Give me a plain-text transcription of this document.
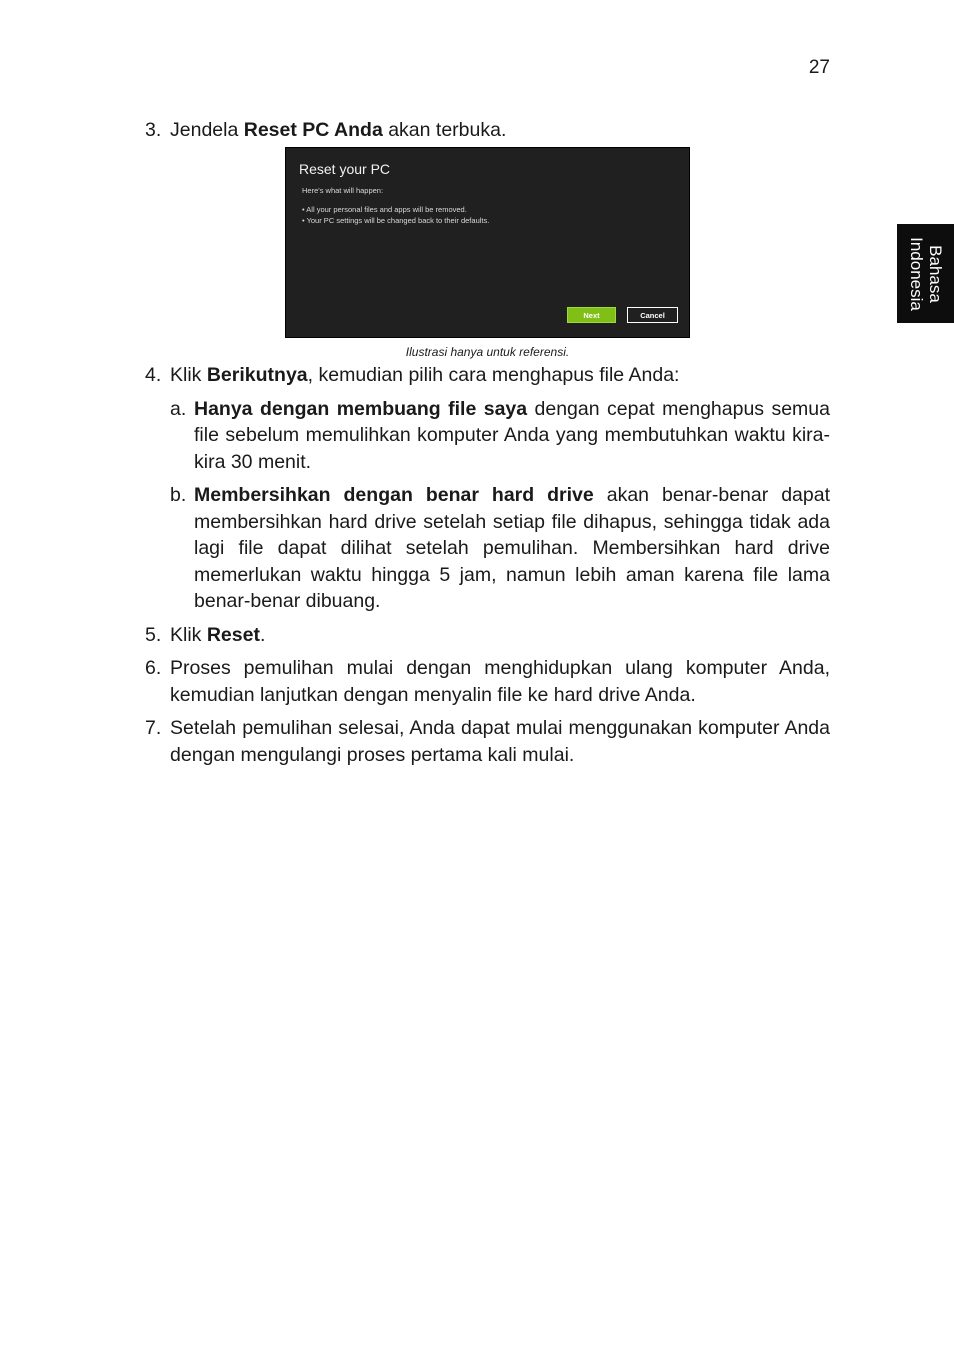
27
Bahasa
Indonesia
3. Jendela Reset PC Anda akan terbuka.
Reset your PC
Here's what will happen:
• All your personal files and apps will be removed.
• Your PC settings will be changed back to their defaults.
Next	Cancel
Ilustrasi hanya untuk referensi.
4. Klik Berikutnya, kemudian pilih cara menghapus file Anda:
a. Hanya dengan membuang file saya dengan cepat menghapus semua file sebelum memulihkan komputer Anda yang membutuhkan waktu kira-kira 30 menit.
b. Membersihkan dengan benar hard drive akan benar-benar dapat membersihkan hard drive setelah setiap file dihapus, sehingga tidak ada lagi file dapat dilihat setelah pemulihan. Membersihkan hard drive memerlukan waktu hingga 5 jam, namun lebih aman karena file lama benar-benar dibuang.
5. Klik Reset.
6. Proses pemulihan mulai dengan menghidupkan ulang komputer Anda, kemudian lanjutkan dengan menyalin file ke hard drive Anda.
7. Setelah pemulihan selesai, Anda dapat mulai menggunakan komputer Anda dengan mengulangi proses pertama kali mulai.
